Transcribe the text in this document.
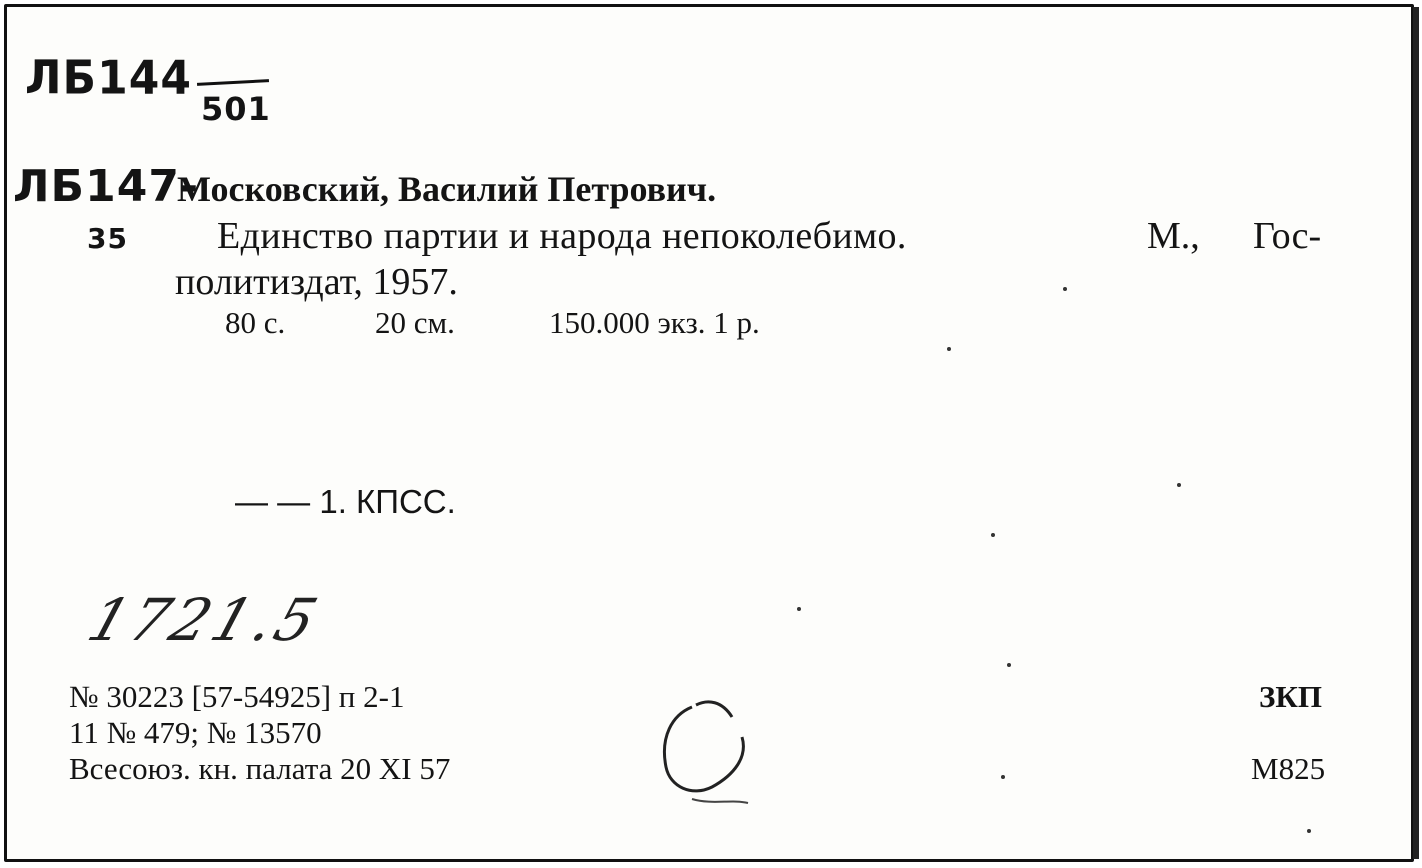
ЛБ144
501
ЛБ147-
Московский, Василий Петрович.
35 Единство партии и народа непоколебимо.	М., Гос-
политиздат, 1957.
80 с.	20 см.	150.000 экз. 1 р.
— — 1. КПСС.
1721.5
№ 30223 [57-54925] п 2-1
11 № 479; № 13570
Всесоюз. кн. палата 20 XI 57
ЗКП
М825
